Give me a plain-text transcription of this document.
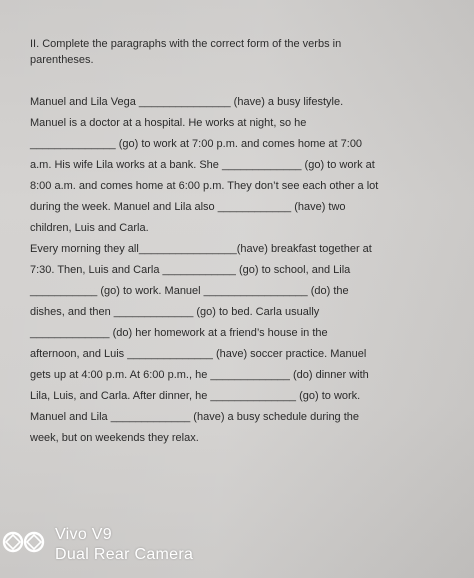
II. Complete the paragraphs with the correct form of the verbs in
parentheses.
Manuel and Lila Vega _______________ (have) a busy lifestyle.
Manuel is a doctor at a hospital. He works at night, so he
______________ (go) to work at 7:00 p.m. and comes home at 7:00
a.m. His wife Lila works at a bank. She _____________ (go) to work at
8:00 a.m. and comes home at 6:00 p.m. They don’t see each other a lot
during the week. Manuel and Lila also ____________ (have) two
children, Luis and Carla.
Every morning they all________________(have) breakfast together at
7:30. Then, Luis and Carla ____________ (go) to school, and Lila
___________ (go) to work. Manuel _________________ (do) the
dishes, and then _____________ (go) to bed. Carla usually
_____________ (do) her homework at a friend’s house in the
afternoon, and Luis ______________ (have) soccer practice. Manuel
gets up at 4:00 p.m. At 6:00 p.m., he _____________ (do) dinner with
Lila, Luis, and Carla. After dinner, he ______________ (go) to work.
Manuel and Lila _____________ (have) a busy schedule during the
week, but on weekends they relax.
Vivo V9
Dual Rear Camera
